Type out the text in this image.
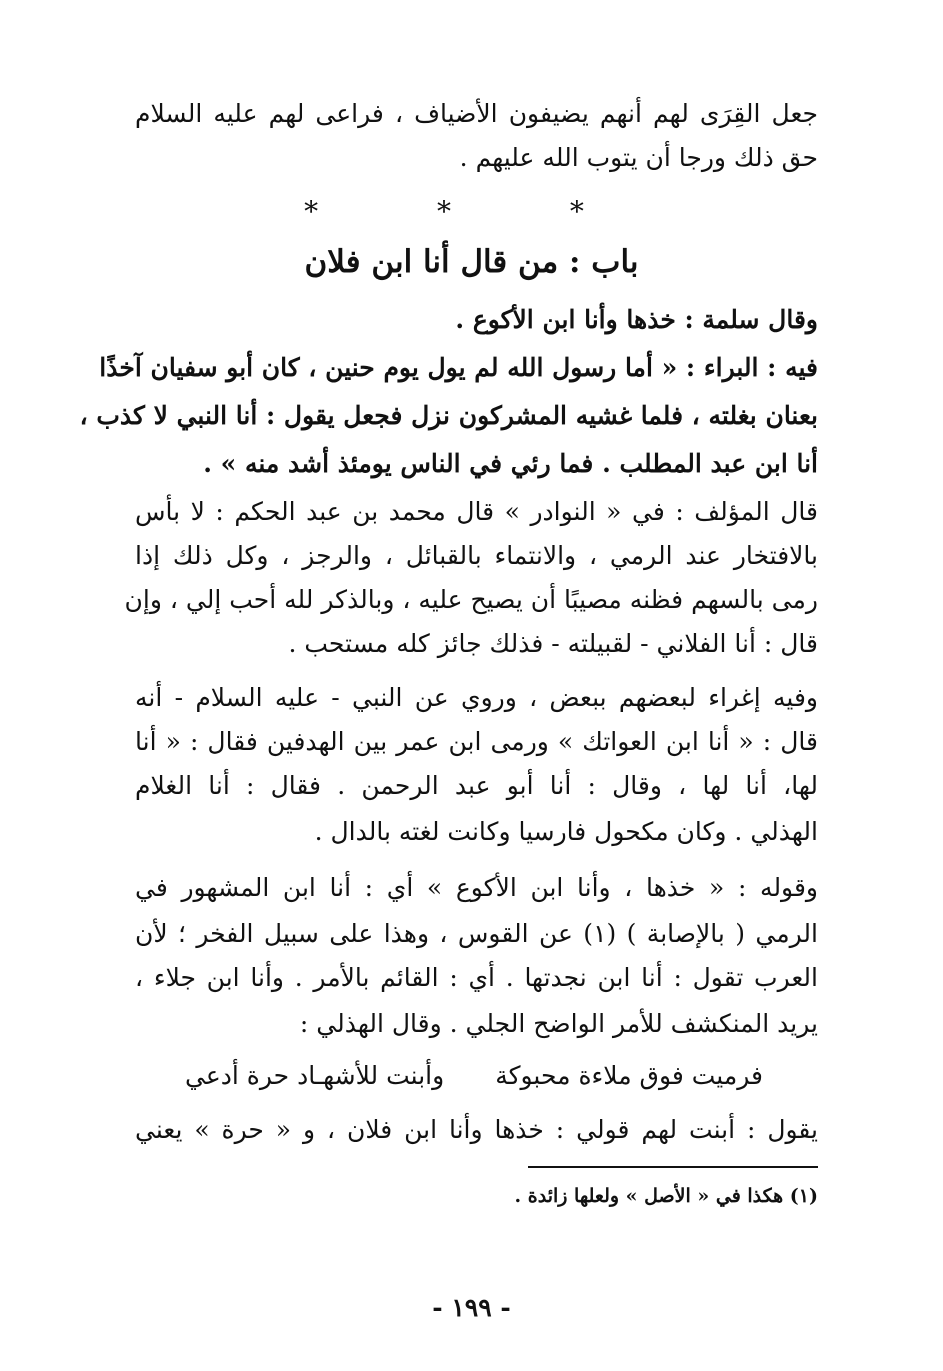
جعل القِرَى لهم أنهم يضيفون الأضياف ، فراعى لهم عليه السلام
حق ذلك ورجا أن يتوب الله عليهم .
* * *
باب : من قال أنا ابن فلان
وقال سلمة : خذها وأنا ابن الأكوع .
فيه : البراء : « أما رسول الله لم يول يوم حنين ، كان أبو سفيان آخذًا
بعنان بغلته ، فلما غشيه المشركون نزل فجعل يقول : أنا النبي لا كذب ،
أنا ابن عبد المطلب . فما رئي في الناس يومئذ أشد منه » .
قال المؤلف : في « النوادر » قال محمد بن عبد الحكم : لا بأس
بالافتخار عند الرمي ، والانتماء بالقبائل ، والرجز ، وكل ذلك إذا
رمى بالسهم فظنه مصيبًا أن يصيح عليه ، وبالذكر لله أحب إلي ، وإن
قال : أنا الفلاني - لقبيلته - فذلك جائز كله مستحب .
وفيه إغراء لبعضهم ببعض ، وروي عن النبي - عليه السلام - أنه
قال : « أنا ابن العواتك » ورمى ابن عمر بين الهدفين فقال : « أنا
لها، أنا لها ، وقال : أنا أبو عبد الرحمن . فقال : أنا الغلام
الهذلي . وكان مكحول فارسيا وكانت لغته بالدال .
وقوله : « خذها ، وأنا ابن الأكوع » أي : أنا ابن المشهور في
الرمي ( بالإصابة ) (١) عن القوس ، وهذا على سبيل الفخر ؛ لأن
العرب تقول : أنا ابن نجدتها . أي : القائم بالأمر . وأنا ابن جلاء ،
يريد المنكشف للأمر الواضح الجلي . وقال الهذلي :
فرميت فوق ملاءة محبوكة
وأبنت للأشهـاد حرة أدعي
يقول : أبنت لهم قولي : خذها وأنا ابن فلان ، و « حرة » يعني
(١) هكذا في « الأصل » ولعلها زائدة .
- ١٩٩ -
